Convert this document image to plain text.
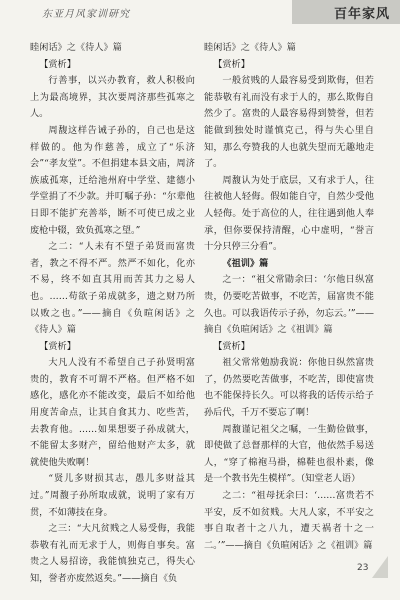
东亚月风家训研究	百年家风

睦闲话》之《待人》篇

【赏析】

行善事，以兴办教育，救人积极向上为最高境界，其次要周济那些孤寒之人。

周馥这样告诫子孙的，自己也是这样做的。他为作慈善，成立了“乐济会”“孝友堂”。不但捐建本县文庙，周济族戚孤寒，迁给池州府中学堂、建德小学堂捐了不少款。并叮嘱子孙：“尔辈他日即不能扩充善举，断不可使已成之业废枪中辍，致负孤寒之望。”

之二：“人未有不望子弟贤而富贵者，教之不得不严。然严不如化，化亦不易，终不如直其用而苦其力之易人也。……苟欲子弟成就多，遗之财乃所以败之也。”——摘自《负暄闲话》之《待人》篇

【赏析】

大凡人没有不希望自己子孙贤明富贵的，教育不可谓不严格。但严格不如感化，感化亦不能改变，最后不如给他用度苦命点，让其自食其力、吃些苦，去教育他。……如果想要子孙成就大，不能留太多财产，留给他财产太多，就就使他失败啊！

“贤儿多财损其志，愚儿多财益其过。”周馥子孙所取成就，说明了家有万贯，不如薄技在身。

之三：“大凡贫贱之人易受侮，我能恭敬有礼而无求于人，则侮自事矣。富贵之人易招谤，我能慎独克己，得失心知，誉者亦废然返矣。”——摘自《负

睦闲话》之《待人》篇

【赏析】

一般贫贱的人最容易受到欺侮，但若能恭敬有礼而没有求于人的，那么欺侮自然少了。富贵的人最容易得到赞誉，但若能做到独处时谨慎克己，得与失心里自知，那么夸赞我的人也就失望而无趣地走了。

周馥认为处于底层，又有求于人，往往被他人轻侮。假如能自守，自然少受他人轻侮。处于高位的人，往往遇到他人奉承，但你要保持清醒，心中虚明，“誉言十分只停三分看”。

《祖训》篇

之一：“祖父常勖余曰：‘尔他日纵富贵，仍要吃苦做事，不吃苦，届富贵不能久也。可以我语传示子孙，勿忘云。’”——摘自《负暄闲话》之《祖训》篇

【赏析】

祖父常常勉励我说：你他日纵然富贵了，仍然要吃苦做事，不吃苦，即使富贵也不能保持长久。可以将我的话传示给子孙后代，千万不要忘了啊！

周馥谨记祖父之嘱，一生勤俭做事，即使做了总督那样的大官，他依然手易送人，“穿了棉袍马褂，棉鞋也很朴素，像是一个教书先生模样”。（知堂老人语）

之二：“祖母抚余曰：‘……富贵若不平安，反不如贫贱。大凡人家，不平安之事自取者十之八九，遭天祸者十之一二。’”——摘自《负暄闲话》之《祖训》篇

23
